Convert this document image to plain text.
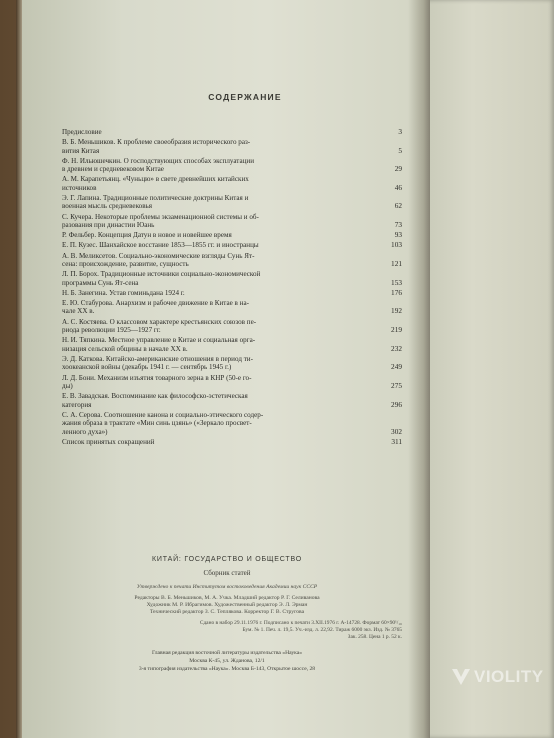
СОДЕРЖАНИЕ
Предисловие	3
В. Б. Меньшиков. К проблеме своеобразия исторического раз-
вития Китая	5
Ф. Н. Ильюшечкин. О господствующих способах эксплуатации
в древнем и средневековом Китае	29
А. М. Карапетьянц. «Чуньцю» в свете древнейших китайских
источников	46
Э. Г. Лапина. Традиционные политические доктрины Китая и
военная мысль средневековья	62
С. Кучера. Некоторые проблемы экзаменационной системы и об-
разования при династии Юань	73
Р. Фельбер. Концепция Датун в новое и новейшее время	93
Е. П. Кузес. Шанхайское восстание 1853—1855 гг. и иностранцы	103
А. В. Меликсетов. Социально-экономические взгляды Сунь Ят-
сена: происхождение, развитие, сущность	121
Л. П. Борох. Традиционные источники социально-экономической
программы Сунь Ят-сена	153
Н. Б. Занегина. Устав гоминьдана 1924 г.	176
Е. Ю. Стабурова. Анархизм и рабочее движение в Китае в на-
чале XX в.	192
А. С. Костяева. О классовом характере крестьянских союзов пе-
риода революции 1925—1927 гг.	219
Н. И. Тяпкина. Местное управление в Китае и социальная орга-
низация сельской общины в начале XX в.	232
Э. Д. Каткова. Китайско-американские отношения в период ти-
хоокеанской войны (декабрь 1941 г. — сентябрь 1945 г.)	249
Л. Д. Бони. Механизм изъятия товарного зерна в КНР (50-е го-
ды)	275
Е. В. Завадская. Воспоминание как философско-эстетическая
категория	296
С. А. Серова. Соотношение канона и социально-этического содер-
жания образа в трактате «Мин синь цзянь» («Зеркало просвет-
ленного духа»)	302
Список принятых сокращений	311
КИТАЙ: ГОСУДАРСТВО И ОБЩЕСТВО
Сборник статей
Утверждено к печати Институтом востоковедения Академии наук СССР
Редакторы В. Б. Меньшиков, М. А. Учка. Младший редактор Р. Г. Селиванова
Художник М. Р. Ибрагимов. Художественный редактор Э. Л. Эрман
Технический редактор З. С. Теплякова. Корректор Г. В. Стругова
Сдано в набор 29.11.1976 г. Подписано к печати 3.XII.1976 г. А-14728. Формат 60×90¹/₁₆
Бум. № 1. Печ. л. 19,5. Уч.-изд. л. 22,92. Тираж 6000 экз. Изд. № 3765
Зак. 258. Цена 1 р. 52 к.
Главная редакция восточной литературы издательства «Наука»
Москва К-45, ул. Жданова, 12/1
3-я типография издательства «Наука». Москва Б-143, Открытое шоссе, 28	VIOLITY
